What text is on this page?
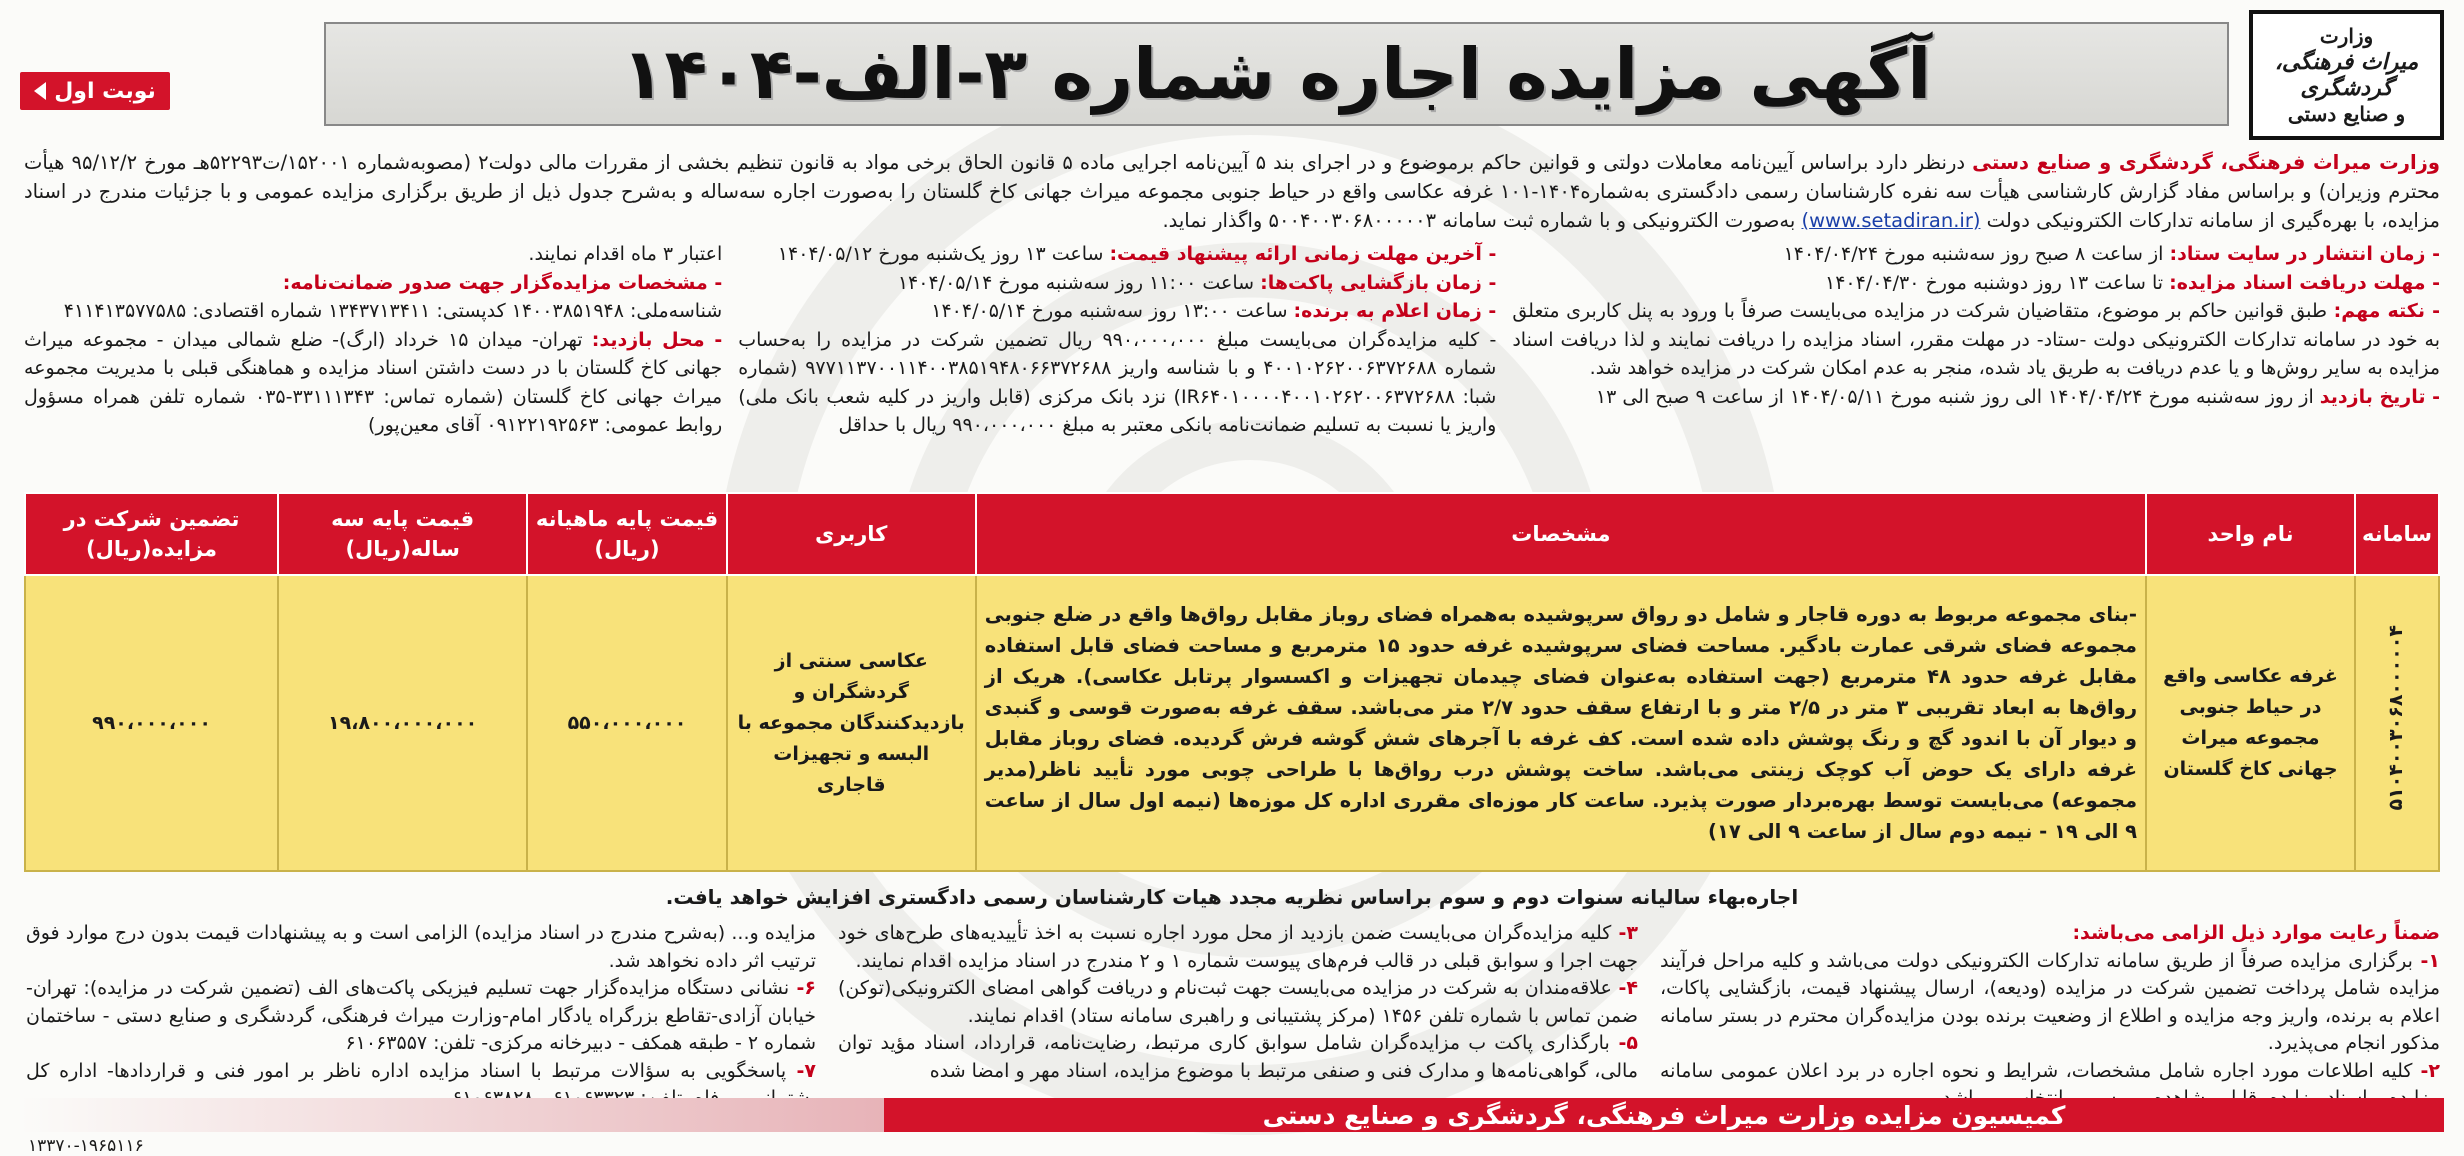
وزارت
میراث فرهنگی،
گردشگری
و صنایع دستی
آگهی مزایده اجاره شماره ۳-الف-۱۴۰۴
نوبت اول

وزارت میراث فرهنگی، گردشگری و صنایع دستی درنظر دارد براساس آیین‌نامه معاملات دولتی و قوانین حاکم برموضوع و در اجرای بند ۵ آیین‌نامه اجرایی ماده ۵ قانون الحاق برخی مواد به قانون تنظیم بخشی از مقررات مالی دولت۲ (مصوبه‌شماره ۱۵۲۰۰۱/ت۵۲۲۹۳هـ مورخ ۹۵/۱۲/۲ هیأت محترم وزیران) و براساس مفاد گزارش کارشناسی هیأت سه نفره کارشناسان رسمی دادگستری به‌شماره۱۴۰۴-۱۰۱ غرفه عکاسی واقع در حیاط جنوبی مجموعه میراث جهانی کاخ گلستان را به‌صورت اجاره سه‌ساله و به‌شرح جدول ذیل از طریق برگزاری مزایده عمومی و با جزئیات مندرج در اسناد مزایده، با بهره‌گیری از سامانه تدارکات الکترونیکی دولت (www.setadiran.ir) به‌صورت الکترونیکی و با شماره ثبت سامانه ۵۰۰۴۰۰۳۰۶۸۰۰۰۰۰۳ واگذار نماید.

- زمان انتشار در سایت ستاد: از ساعت ۸ صبح روز سه‌شنبه مورخ ۱۴۰۴/۰۴/۲۴
- مهلت دریافت اسناد مزایده: تا ساعت ۱۳ روز دوشنبه مورخ ۱۴۰۴/۰۴/۳۰
- نکته مهم: طبق قوانین حاکم بر موضوع، متقاضیان شرکت در مزایده می‌بایست صرفاً با ورود به پنل کاربری متعلق به خود در سامانه تدارکات الکترونیکی دولت -ستاد- در مهلت مقرر، اسناد مزایده را دریافت نمایند و لذا دریافت اسناد مزایده به سایر روش‌ها و یا عدم دریافت به طریق یاد شده، منجر به عدم امکان شرکت در مزایده خواهد شد.
- تاریخ بازدید از روز سه‌شنبه مورخ ۱۴۰۴/۰۴/۲۴ الی روز شنبه مورخ ۱۴۰۴/۰۵/۱۱ از ساعت ۹ صبح الی ۱۳
- آخرین مهلت زمانی ارائه پیشنهاد قیمت: ساعت ۱۳ روز یک‌شنبه مورخ ۱۴۰۴/۰۵/۱۲
- زمان بازگشایی پاکت‌ها: ساعت ۱۱:۰۰ روز سه‌شنبه مورخ ۱۴۰۴/۰۵/۱۴
- زمان اعلام به برنده: ساعت ۱۳:۰۰ روز سه‌شنبه مورخ ۱۴۰۴/۰۵/۱۴
- کلیه مزایده‌گران می‌بایست مبلغ ۹۹۰،۰۰۰،۰۰۰ ریال تضمین شرکت در مزایده را به‌حساب شماره ۴۰۰۱۰۲۶۲۰۰۶۳۷۲۶۸۸ و با شناسه واریز ۹۷۷۱۱۳۷۰۰۱۱۴۰۰۳۸۵۱۹۴۸۰۶۶۳۷۲۶۸۸ (شماره شبا: IR۶۴۰۱۰۰۰۰۴۰۰۱۰۲۶۲۰۰۶۳۷۲۶۸۸) نزد بانک مرکزی (قابل واریز در کلیه شعب بانک ملی) واریز یا نسبت به تسلیم ضمانت‌نامه بانکی معتبر به مبلغ ۹۹۰،۰۰۰،۰۰۰ ریال با حداقل
اعتبار ۳ ماه اقدام نمایند.
- مشخصات مزایده‌گزار جهت صدور ضمانت‌نامه:
شناسه‌ملی: ۱۴۰۰۳۸۵۱۹۴۸ کدپستی: ۱۳۴۳۷۱۳۴۱۱ شماره اقتصادی: ۴۱۱۴۱۳۵۷۷۵۸۵
- محل بازدید: تهران- میدان ۱۵ خرداد (ارگ)- ضلع شمالی میدان - مجموعه میراث جهانی کاخ گلستان با در دست داشتن اسناد مزایده و هماهنگی قبلی با مدیریت مجموعه میراث جهانی کاخ گلستان (شماره تماس: ۳۳۱۱۱۳۴۳-۰۳۵ شماره تلفن همراه مسؤول روابط عمومی: ۰۹۱۲۲۱۹۲۵۶۳ آقای معین‌پور)
سامانه	نام واحد	مشخصات	کاربری	قیمت پایه ماهیانه (ریال)	قیمت پایه سه ساله(ریال)	تضمین شرکت در مزایده(ریال)
۵۱۰۴۰۰۳۰۶۸۰۰۰۰۰۴	غرفه عکاسی واقع در حیاط جنوبی مجموعه میراث جهانی کاخ گلستان	-بنای مجموعه مربوط به دوره قاجار و شامل دو رواق سرپوشیده به‌همراه فضای روباز مقابل رواق‌ها واقع در ضلع جنوبی مجموعه فضای شرقی عمارت بادگیر. مساحت فضای سرپوشیده غرفه حدود ۱۵ مترمربع و مساحت فضای قابل استفاده مقابل غرفه حدود ۴۸ مترمربع (جهت استفاده به‌عنوان فضای چیدمان تجهیزات و اکسسوار پرتابل عکاسی). هریک از رواق‌ها به ابعاد تقریبی ۳ متر در ۲/۵ متر و با ارتفاع سقف حدود ۲/۷ متر می‌باشد. سقف غرفه به‌صورت قوسی و گنبدی و دیوار آن با اندود گچ و رنگ پوشش داده شده است. کف غرفه با آجرهای شش گوشه فرش گردیده. فضای روباز مقابل غرفه دارای یک حوض آب کوچک زینتی می‌باشد. ساخت پوشش درب رواق‌ها با طراحی چوبی مورد تأیید ناظر(مدیر مجموعه) می‌بایست توسط بهره‌بردار صورت پذیرد. ساعت کار موزه‌ای مقرری اداره کل موزه‌ها (نیمه اول سال از ساعت ۹ الی ۱۹ - نیمه دوم سال از ساعت ۹ الی ۱۷)	عکاسی سنتی از گردشگران و بازدیدکنندگان مجموعه با البسه و تجهیزات قاجاری	۵۵۰،۰۰۰،۰۰۰	۱۹،۸۰۰،۰۰۰،۰۰۰	۹۹۰،۰۰۰،۰۰۰
اجاره‌بهاء سالیانه سنوات دوم و سوم براساس نظریه مجدد هیات کارشناسان رسمی دادگستری افزایش خواهد یافت.
ضمناً رعایت موارد ذیل الزامی می‌باشد:
۱- برگزاری مزایده صرفاً از طریق سامانه تدارکات الکترونیکی دولت می‌باشد و کلیه مراحل فرآیند مزایده شامل پرداخت تضمین شرکت در مزایده (ودیعه)، ارسال پیشنهاد قیمت، بازگشایی پاکات، اعلام به برنده، واریز وجه مزایده و اطلاع از وضعیت برنده بودن مزایده‌گران محترم در بستر سامانه مذکور انجام می‌پذیرد.
۲- کلیه اطلاعات مورد اجاره شامل مشخصات، شرایط و نحوه اجاره در برد اعلان عمومی سامانه
۳- کلیه مزایده‌گران می‌بایست ضمن بازدید از محل مورد اجاره نسبت به اخذ تأییدیه‌های طرح‌های خود جهت اجرا و سوابق قبلی در قالب فرم‌های پیوست شماره ۱ و ۲ مندرج در اسناد مزایده اقدام نمایند.
۴- علاقه‌مندان به شرکت در مزایده می‌بایست جهت ثبت‌نام و دریافت گواهی امضای الکترونیکی(توکن) ضمن تماس با شماره تلفن ۱۴۵۶ (مرکز پشتیبانی و راهبری سامانه ستاد) اقدام نمایند.
۵- بارگذاری پاکت ب مزایده‌گران شامل سوابق کاری مرتبط، رضایت‌نامه، قرارداد، اسناد مؤید توان مالی، گواهی‌نامه‌ها و مدارک فنی و صنفی مرتبط با موضوع مزایده، اسناد مهر و امضا شده
مزایده و... (به‌شرح مندرج در اسناد مزایده) الزامی است و به پیشنهادات قیمت بدون درج موارد فوق ترتیب اثر داده نخواهد شد.
۶- نشانی دستگاه مزایده‌گزار جهت تسلیم فیزیکی پاکت‌های الف (تضمین شرکت در مزایده): تهران-خیابان آزادی-تقاطع بزرگراه یادگار امام-وزارت میراث فرهنگی، گردشگری و صنایع دستی - ساختمان شماره ۲ - طبقه همکف - دبیرخانه مرکزی- تلفن: ۶۱۰۶۳۵۵۷
۷- پاسخگویی به سؤالات مرتبط با اسناد مزایده اداره ناظر بر امور فنی و قراردادها- اداره کل
کمیسیون مزایده وزارت میراث فرهنگی، گردشگری و صنایع دستی
۱۳۳۷۰-۱۹۶۵۱۱۶
